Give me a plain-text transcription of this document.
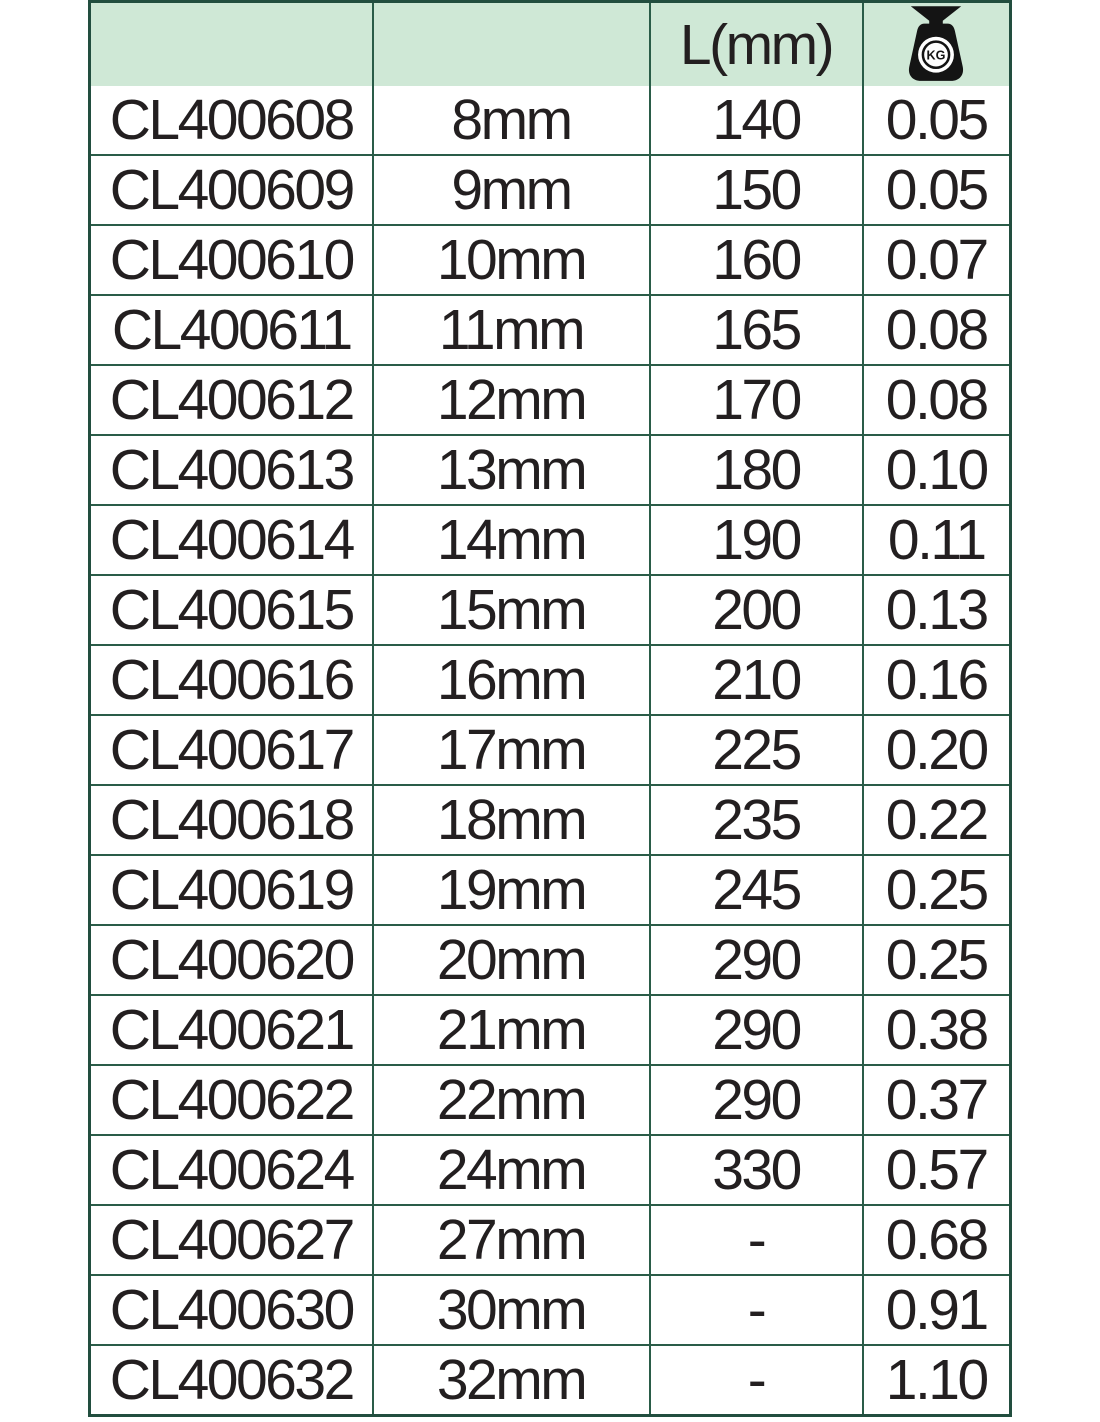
		L(mm)	KG

CL400608	8mm	140	0.05
CL400609	9mm	150	0.05
CL400610	10mm	160	0.07
CL400611	11mm	165	0.08
CL400612	12mm	170	0.08
CL400613	13mm	180	0.10
CL400614	14mm	190	0.11
CL400615	15mm	200	0.13
CL400616	16mm	210	0.16
CL400617	17mm	225	0.20
CL400618	18mm	235	0.22
CL400619	19mm	245	0.25
CL400620	20mm	290	0.25
CL400621	21mm	290	0.38
CL400622	22mm	290	0.37
CL400624	24mm	330	0.57
CL400627	27mm	-	0.68
CL400630	30mm	-	0.91
CL400632	32mm	-	1.10
